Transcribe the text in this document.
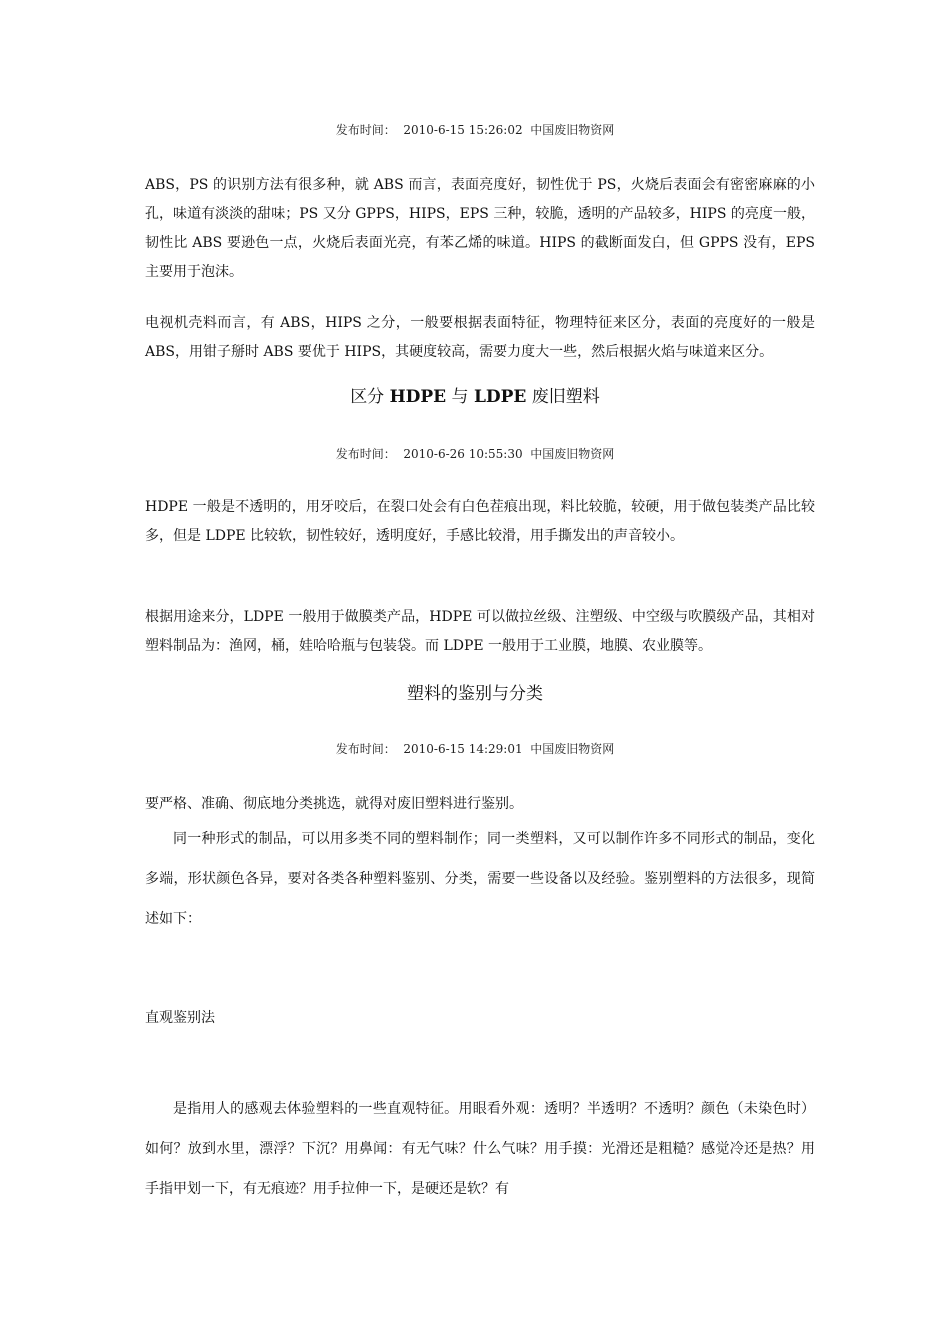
发布时间： 2010-6-15 15:26:02 中国废旧物资网
ABS，PS 的识别方法有很多种，就 ABS 而言，表面亮度好，韧性优于 PS，火烧后表面会有密密麻麻的小孔，味道有淡淡的甜味；PS 又分 GPPS，HIPS，EPS 三种，较脆，透明的产品较多，HIPS 的亮度一般，韧性比 ABS 要逊色一点，火烧后表面光亮，有苯乙烯的味道。HIPS 的截断面发白，但 GPPS 没有，EPS 主要用于泡沫。
电视机壳料而言，有 ABS，HIPS 之分，一般要根据表面特征，物理特征来区分，表面的亮度好的一般是 ABS，用钳子掰时 ABS 要优于 HIPS，其硬度较高，需要力度大一些，然后根据火焰与味道来区分。
区分 HDPE 与 LDPE 废旧塑料
发布时间： 2010-6-26 10:55:30 中国废旧物资网
HDPE 一般是不透明的，用牙咬后，在裂口处会有白色茬痕出现，料比较脆，较硬，用于做包装类产品比较多，但是 LDPE 比较软，韧性较好，透明度好，手感比较滑，用手撕发出的声音较小。
根据用途来分，LDPE 一般用于做膜类产品，HDPE 可以做拉丝级、注塑级、中空级与吹膜级产品，其相对塑料制品为：渔网，桶，娃哈哈瓶与包装袋。而 LDPE 一般用于工业膜，地膜、农业膜等。
塑料的鉴别与分类
发布时间： 2010-6-15 14:29:01 中国废旧物资网
要严格、准确、彻底地分类挑选，就得对废旧塑料进行鉴别。
同一种形式的制品，可以用多类不同的塑料制作；同一类塑料，又可以制作许多不同形式的制品，变化多端，形状颜色各异，要对各类各种塑料鉴别、分类，需要一些设备以及经验。鉴别塑料的方法很多，现简述如下：
直观鉴别法
是指用人的感观去体验塑料的一些直观特征。用眼看外观：透明？半透明？不透明？颜色（未染色时）如何？放到水里，漂浮？下沉？用鼻闻：有无气味？什么气味？用手摸：光滑还是粗糙？感觉冷还是热？用手指甲划一下，有无痕迹？用手拉伸一下，是硬还是软？有
